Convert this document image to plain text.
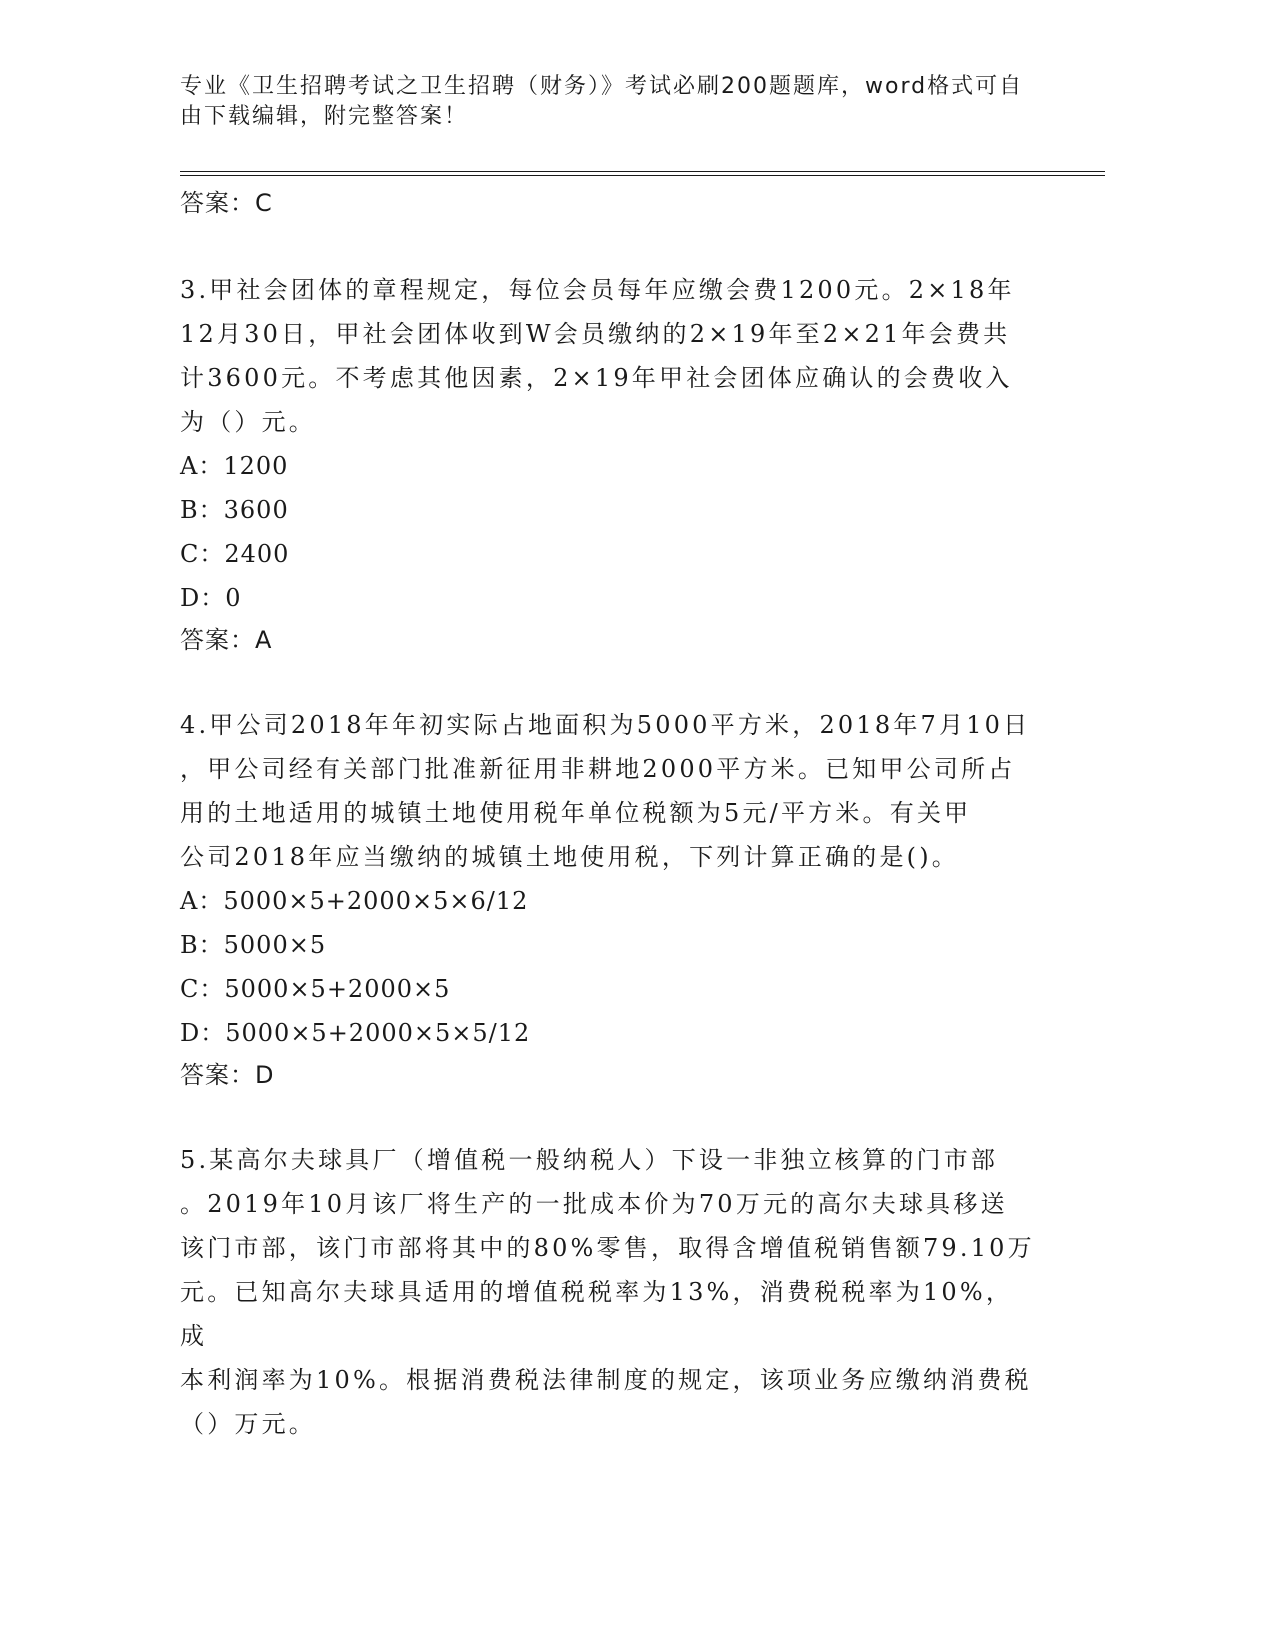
专业《卫生招聘考试之卫生招聘（财务）》考试必刷200题题库，word格式可自
由下载编辑，附完整答案！

答案：C

3.甲社会团体的章程规定，每位会员每年应缴会费1200元。2×18年

12月30日，甲社会团体收到W会员缴纳的2×19年至2×21年会费共

计3600元。不考虑其他因素，2×19年甲社会团体应确认的会费收入

为（）元。

A：1200

B：3600

C：2400

D：0

答案：A

4.甲公司2018年年初实际占地面积为5000平方米，2018年7月10日

，甲公司经有关部门批准新征用非耕地2000平方米。已知甲公司所占

用的土地适用的城镇土地使用税年单位税额为5元/平方米。有关甲

公司2018年应当缴纳的城镇土地使用税，下列计算正确的是()。

A：5000×5+2000×5×6/12

B：5000×5

C：5000×5+2000×5

D：5000×5+2000×5×5/12

答案：D

5.某高尔夫球具厂（增值税一般纳税人）下设一非独立核算的门市部

。2019年10月该厂将生产的一批成本价为70万元的高尔夫球具移送

该门市部，该门市部将其中的80%零售，取得含增值税销售额79.10万

元。已知高尔夫球具适用的增值税税率为13%，消费税税率为10%，成

本利润率为10%。根据消费税法律制度的规定，该项业务应缴纳消费税

（）万元。
